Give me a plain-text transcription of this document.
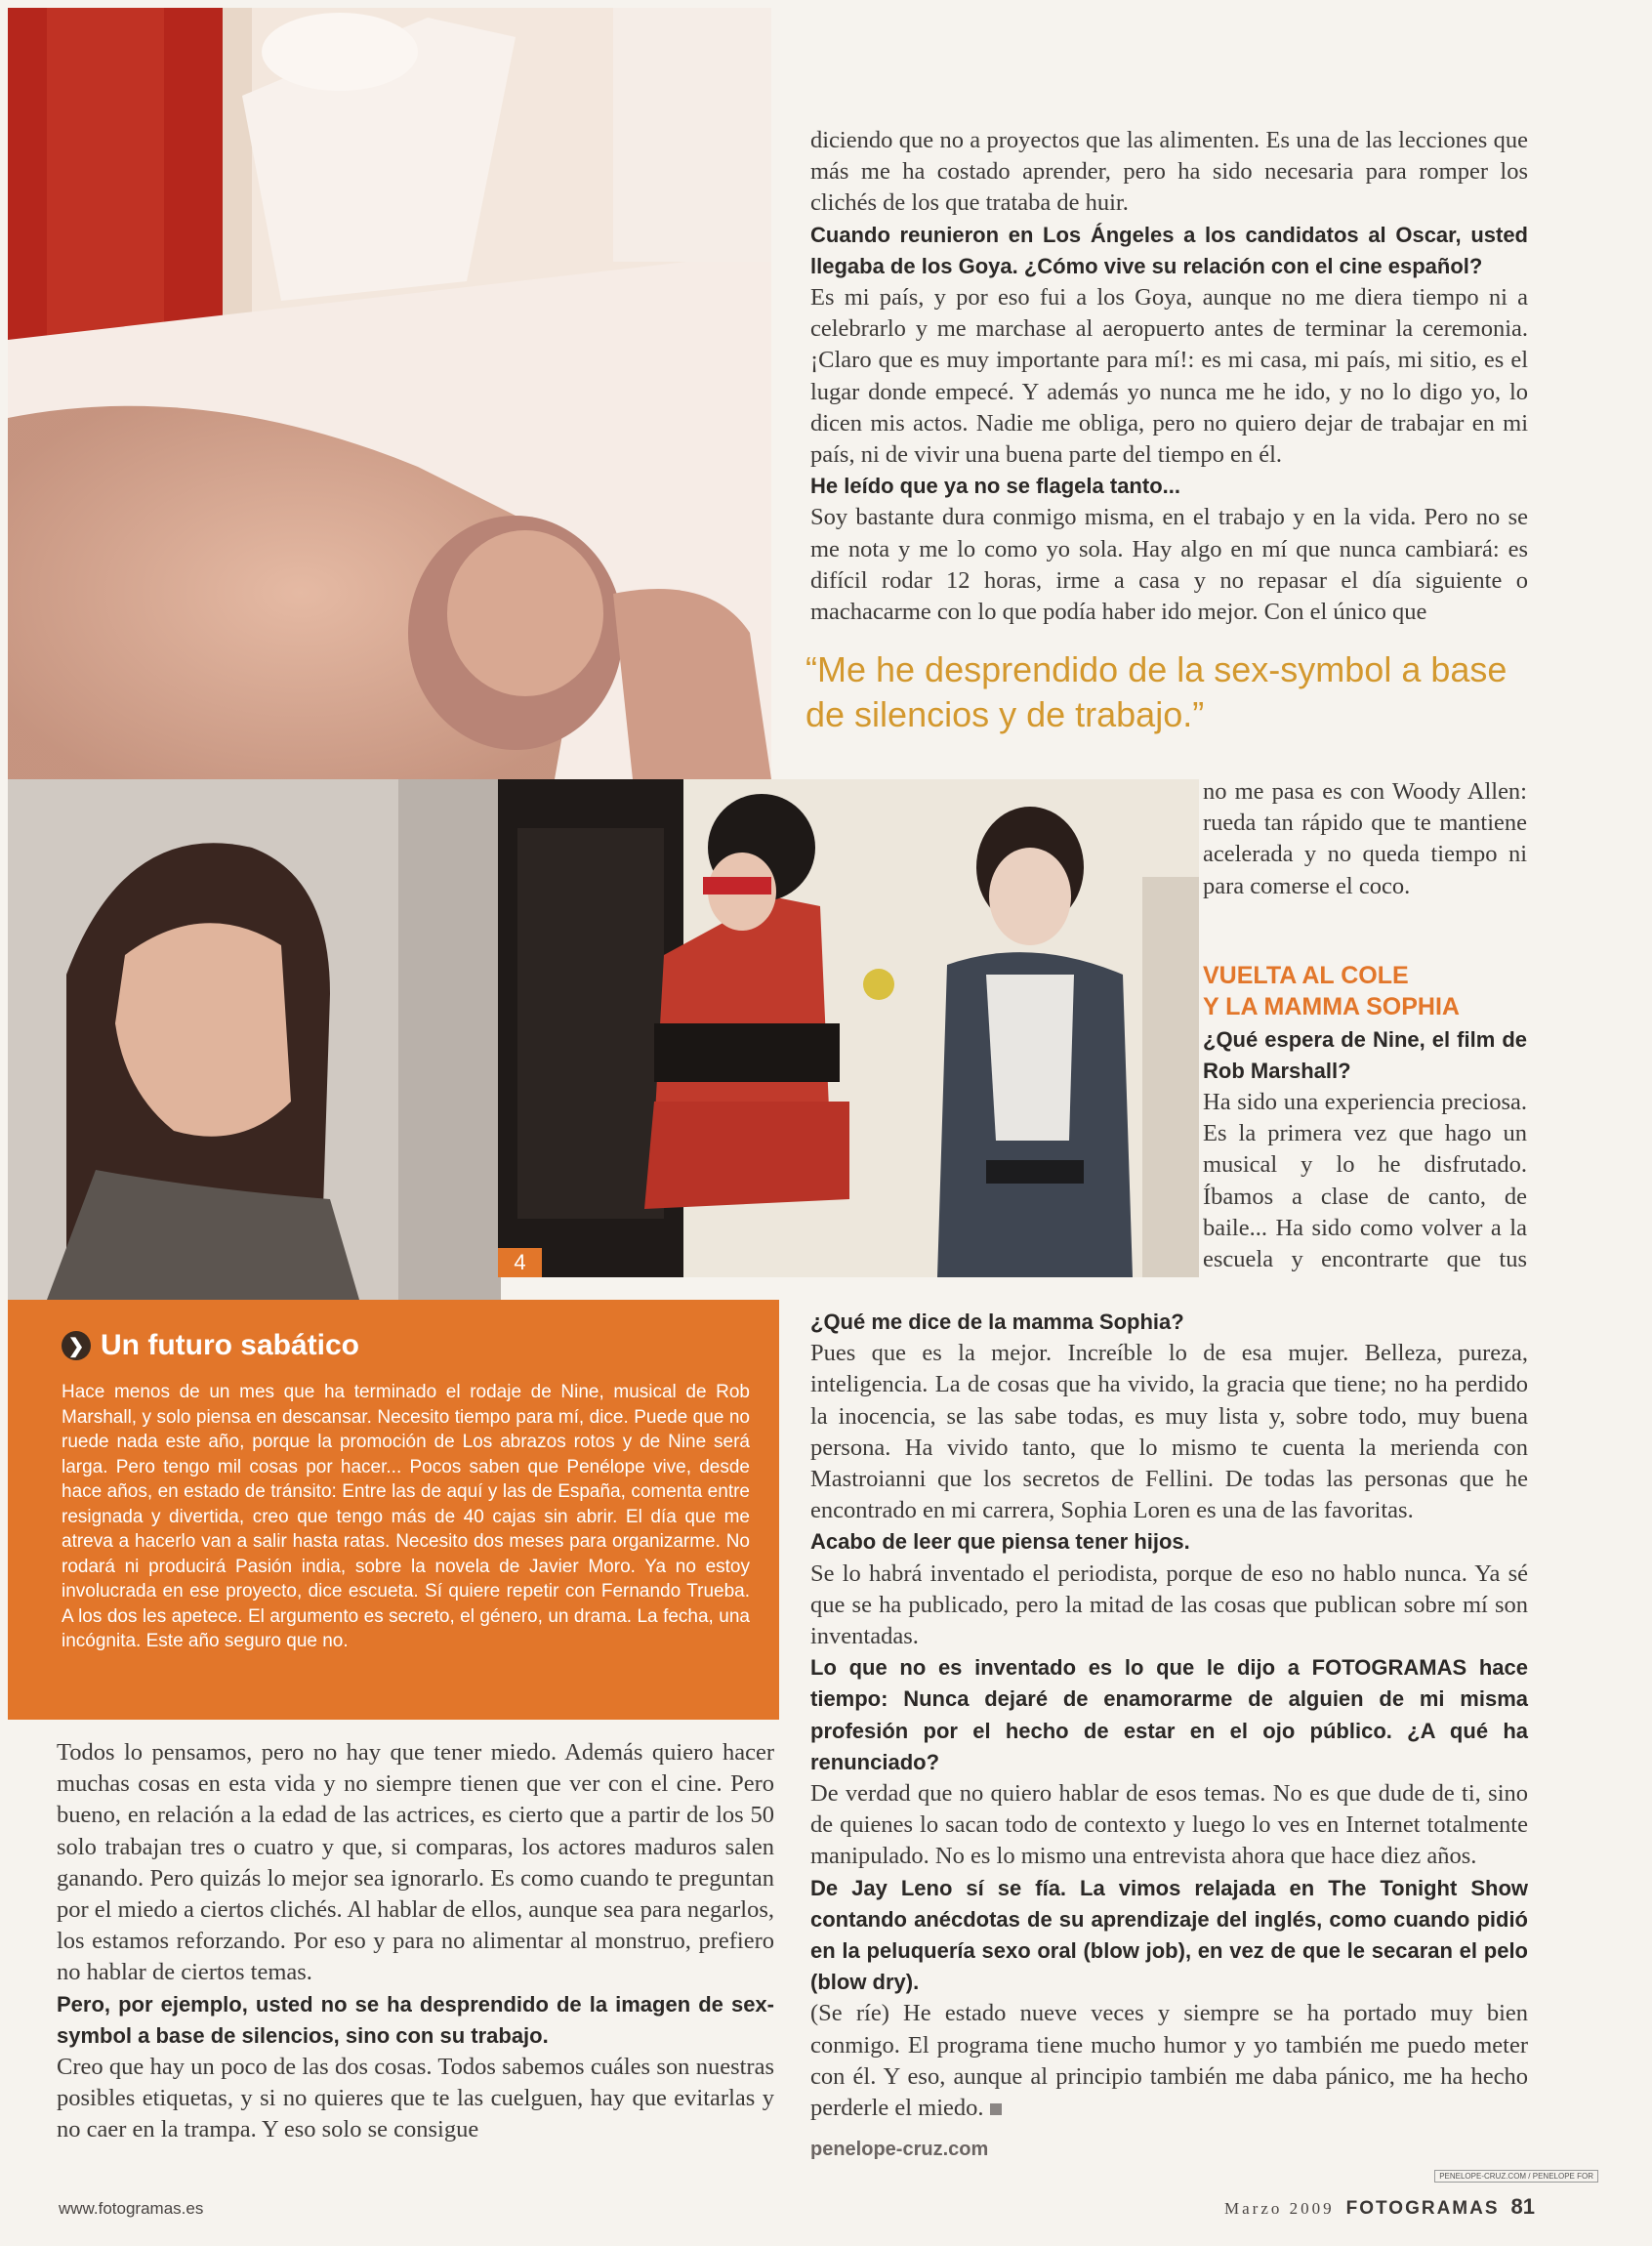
4

diciendo que no a proyectos que las alimenten. Es una de las lecciones que más me ha costado aprender, pero ha sido necesaria para romper los clichés de los que trataba de huir.

Cuando reunieron en Los Ángeles a los candidatos al Oscar, usted llegaba de los Goya. ¿Cómo vive su relación con el cine español?

Es mi país, y por eso fui a los Goya, aunque no me diera tiempo ni a celebrarlo y me marchase al aeropuerto antes de terminar la ceremonia. ¡Claro que es muy importante para mí!: es mi casa, mi país, mi sitio, es el lugar donde empecé. Y además yo nunca me he ido, y no lo digo yo, lo dicen mis actos. Nadie me obliga, pero no quiero dejar de trabajar en mi país, ni de vivir una buena parte del tiempo en él.

He leído que ya no se flagela tanto...

Soy bastante dura conmigo misma, en el trabajo y en la vida. Pero no se me nota y me lo como yo sola. Hay algo en mí que nunca cambiará: es difícil rodar 12 horas, irme a casa y no repasar el día siguiente o machacarme con lo que podía haber ido mejor. Con el único que

“Me he desprendido de la sex-symbol a base de silencios y de trabajo.”
no me pasa es con Woody Allen: rueda tan rápido que te mantiene acelerada y no queda tiempo ni para comerse el coco.
VUELTA AL COLE
Y LA MAMMA SOPHIA

¿Qué espera de Nine, el film de Rob Marshall?

Ha sido una experiencia preciosa. Es la primera vez que hago un musical y lo he disfrutado. Íbamos a clase de canto, de baile... Ha sido como volver a la escuela y encontrarte que tus

¿Qué me dice de la mamma Sophia?

Pues que es la mejor. Increíble lo de esa mujer. Belleza, pureza, inteligencia. La de cosas que ha vivido, la gracia que tiene; no ha perdido la inocencia, se las sabe todas, es muy lista y, sobre todo, muy buena persona. Ha vivido tanto, que lo mismo te cuenta la merienda con Mastroianni que los secretos de Fellini. De todas las personas que he encontrado en mi carrera, Sophia Loren es una de las favoritas.

Acabo de leer que piensa tener hijos.

Se lo habrá inventado el periodista, porque de eso no hablo nunca. Ya sé que se ha publicado, pero la mitad de las cosas que publican sobre mí son inventadas.

Lo que no es inventado es lo que le dijo a FOTOGRAMAS hace tiempo: Nunca dejaré de enamorarme de alguien de mi misma profesión por el hecho de estar en el ojo público. ¿A qué ha renunciado?

De verdad que no quiero hablar de esos temas. No es que dude de ti, sino de quienes lo sacan todo de contexto y luego lo ves en Internet totalmente manipulado. No es lo mismo una entrevista ahora que hace diez años.

De Jay Leno sí se fía. La vimos relajada en The Tonight Show contando anécdotas de su aprendizaje del inglés, como cuando pidió en la peluquería sexo oral (blow job), en vez de que le secaran el pelo (blow dry).

(Se ríe) He estado nueve veces y siempre se ha portado muy bien conmigo. El programa tiene mucho humor y yo también me puedo meter con él. Y eso, aunque al principio también me daba pánico, me ha hecho perderle el miedo.

❯ Un futuro sabático
Hace menos de un mes que ha terminado el rodaje de Nine, musical de Rob Marshall, y solo piensa en descansar. Necesito tiempo para mí, dice. Puede que no ruede nada este año, porque la promoción de Los abrazos rotos y de Nine será larga. Pero tengo mil cosas por hacer... Pocos saben que Penélope vive, desde hace años, en estado de tránsito: Entre las de aquí y las de España, comenta entre resignada y divertida, creo que tengo más de 40 cajas sin abrir. El día que me atreva a hacerlo van a salir hasta ratas. Necesito dos meses para organizarme. No rodará ni producirá Pasión india, sobre la novela de Javier Moro. Ya no estoy involucrada en ese proyecto, dice escueta. Sí quiere repetir con Fernando Trueba. A los dos les apetece. El argumento es secreto, el género, un drama. La fecha, una incógnita. Este año seguro que no.

Todos lo pensamos, pero no hay que tener miedo. Además quiero hacer muchas cosas en esta vida y no siempre tienen que ver con el cine. Pero bueno, en relación a la edad de las actrices, es cierto que a partir de los 50 solo trabajan tres o cuatro y que, si comparas, los actores maduros salen ganando. Pero quizás lo mejor sea ignorarlo. Es como cuando te preguntan por el miedo a ciertos clichés. Al hablar de ellos, aunque sea para negarlos, los estamos reforzando. Por eso y para no alimentar al monstruo, prefiero no hablar de ciertos temas.

Pero, por ejemplo, usted no se ha desprendido de la imagen de sex-symbol a base de silencios, sino con su trabajo.

Creo que hay un poco de las dos cosas. Todos sabemos cuáles son nuestras posibles etiquetas, y si no quieres que te las cuelguen, hay que evitarlas y no caer en la trampa. Y eso solo se consigue

penelope-cruz.com
www.fotogramas.es
PENELOPE-CRUZ.COM / PENELOPE FOR
Marzo 2009 FOTOGRAMAS 81
